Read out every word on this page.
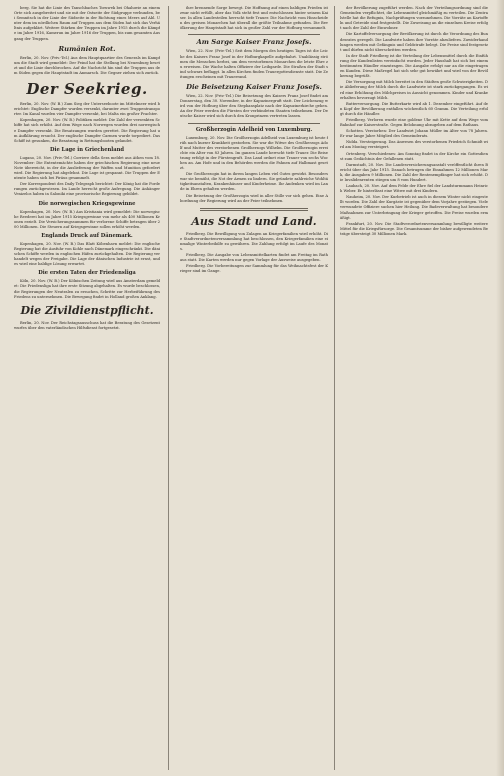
berg. Sie hat die Linie des Tanschbaches Toruwek bei Ohaluwie an einem Orte sich ausgebreitet und sie mit der Ostseite der Südgruppe verbunden, bei Semnitsch in der Linie der Südseite in der Richtung eines Meers auf Abl. Unter dem im nördlichen Raum auf Truppen aus dem Süden hat sich das Verhältnis aufgeklärt. Weitere Stärken der Truppen im Jahre 1915 durch die Kämpfe im Jahre 1916, Kamerun im Jahre 1916 der Truppen, bis zum gesamten Ausgang der Truppen.

Rumänien Rot.

Berlin, 20. Nov. (Priv.-Tel.) Aus dem Hauptquartier des Generals im Kampf um die Stadt wird gemeldet: Der Feind hat die Stellung bei Neuenburg besetzt und die Linie durchbrochen. Auf die Nachricht hin sind die Truppen aus dem Süden gegen die Hauptstadt im Anmarsch. Die Gegner ziehen sich zurück.

Der Seekrieg.

Berlin, 20. Nov. (W. B.) Zum Sieg der Unterseeboote im Mittelmeer wird berichtet: Englische Dampfer wurden versenkt, darunter zwei Truppentransporter. Im Kanal wurden vier Dampfer versenkt, bei Malta ein großer Frachter.

Kopenhagen, 20. Nov. (W. B.) Politiken meldet: Die Zahl der versenkten Schiffe hat sich erhöht. Auf dem Wege nach Norwegen wurden drei norwegische Dampfer versenkt. Die Besatzungen wurden gerettet. Die Regierung hat um Aufklärung ersucht. Der englische Dampfer Carmen wurde torpediert. Das Schiff ist gesunken, die Besatzung in Rettungsbooten gelandet.

Die Lage in Griechenland

Lugano, 20. Nov. (Priv.-Tel.) Corriere della Sera meldet aus Athen vom 18. November: Die Ententemächte haben der griechischen Regierung eine neue Note überreicht, in der die Auslieferung der Waffen und Munition gefordert wird. Die Regierung hat abgelehnt. Die Lage ist gespannt. Die Truppen der Entente haben sich bei Piräus gesammelt.

Der Korrespondent des Daily Telegraph berichtet: Der König hat die Forderungen zurückgewiesen. Im Lande herrscht große Aufregung. Die Anhänger Venizelos haben in Saloniki eine provisorische Regierung gebildet.

Die norwegischen Kriegsgewinne

Kopenhagen, 20. Nov. (W. B.) Aus Kristiania wird gemeldet: Die norwegische Reederei hat im Jahre 1915 Kriegsgewinne von mehr als 400 Millionen Kronen erzielt. Die Versicherungssummen für verlorene Schiffe betragen über 200 Millionen. Die Steuern auf Kriegsgewinne sollen erhöht werden.

Englands Druck auf Dänemark.

Kopenhagen, 20. Nov. (W. B.) Das Blatt Köbenhavn meldet: Die englische Regierung hat die Ausfuhr von Kohle nach Dänemark eingeschränkt. Die dänischen Schiffe werden in englischen Häfen zurückgehalten. Die Regierung verhandelt wegen der Freigabe. Die Lage der dänischen Industrie ist ernst, und es wird eine baldige Lösung erwartet.

Die ersten Taten der Friedensliga

Köln, 20. Nov. (W. B.) Der Kölnischen Zeitung wird aus Amsterdam gemeldet: Die Friedensliga hat ihre erste Sitzung abgehalten. Es wurde beschlossen, die Regierungen der Neutralen zu ersuchen, Schritte zur Herbeiführung des Friedens zu unternehmen. Die Bewegung findet in Holland großen Anklang.

Die Zivildienstpflicht.

Berlin, 20. Nov. Der Reichstagsausschuss hat die Beratung des Gesetzentwurfes über den vaterländischen Hilfsdienst fortgesetzt.

ihre brennende Sorge bewegt. Die Hoffnung auf einen baldigen Frieden ist zwar nicht erfüllt, aber das Volk steht fest und entschlossen hinter seinem Kaiser. In allen Landesteilen herrscht tiefe Trauer. Die Nachricht vom Hinscheiden des greisen Monarchen hat überall die größte Teilnahme gefunden. Die Bevölkerung der Hauptstadt hat sich in großer Zahl vor der Hofburg versammelt.

Am Sarge Kaiser Franz Josefs.

Wien, 22. Nov. (Priv.-Tel.) Seit dem Morgen des heutigen Tages ist die Leiche des Kaisers Franz Josef in der Hofburgkapelle aufgebahrt. Unablässig strömen die Menschen herbei, um dem verstorbenen Monarchen die letzte Ehre zu erweisen. Die Wache halten Offiziere der Leibgarde. Die Straßen der Stadt sind schwarz beflaggt. In allen Kirchen finden Trauergottesdienste statt. Die Zeitungen erscheinen mit Trauerrand.

Die Beisetzung Kaiser Franz Josefs.

Wien, 22. Nov. (Priv.-Tel.) Die Beisetzung des Kaisers Franz Josef findet am Donnerstag, den 30. November, in der Kapuzinergruft statt. Der Leichenzug wird von der Hofburg über den Stephansplatz nach der Kapuzinerkirche gehen. An der Feier werden die Fürsten der verbündeten Staaten teilnehmen. Der Deutsche Kaiser wird sich durch den Kronprinzen vertreten lassen.

Großherzogin Adelheid von Luxemburg.

Luxemburg, 20. Nov. Die Großherzogin Adelheid von Luxemburg ist heute früh nach kurzer Krankheit gestorben. Sie war die Witwe des Großherzogs Adolf und Mutter des verstorbenen Großherzogs Wilhelm. Die Großherzogin erreichte ein Alter von 83 Jahren. Im ganzen Lande herrscht tiefe Trauer. Die Beisetzung erfolgt in der Fürstengruft. Das Land ordnet eine Trauer von sechs Wochen an. Am Hofe und in den Behörden werden die Fahnen auf Halbmast gesetzt.

Die Großherzogin hat in ihrem langen Leben viel Gutes gewirkt. Besonders war sie bemüht, die Not der Armen zu lindern. Sie gründete zahlreiche Wohltätigkeitsanstalten, Krankenhäuser und Kinderheime. Ihr Andenken wird im Lande in Ehren gehalten werden.

Die Beisetzung der Großherzogin wird in aller Stille vor sich gehen. Eine Abordnung der Regierung wird an der Feier teilnehmen.

Aus Stadt und Land.

Friedberg. Die Bewilligung von Zulagen an Kriegerfamilien wird erhöht. Die Stadtverordnetenversammlung hat beschlossen, den Kriegerfamilien eine einmalige Winterbeihilfe zu gewähren. Die Zahlung erfolgt im Laufe des Monats.

Friedberg. Die Ausgabe von Lebensmittelkarten findet am Freitag im Rathaus statt. Die Karten werden nur gegen Vorlage der Ausweise ausgegeben.

Friedberg. Die Vorbereitungen zur Sammlung für das Weihnachtsfest der Krieger sind im Gange.

der Bevölkerung zugeführt werden. Nach der Verteilungsordnung sind die Gemeinden verpflichtet, die Lebensmittel gleichmäßig zu verteilen. Die Zentralstelle hat die Befugnis, Nachprüfungen vorzunehmen. Die Vorräte an Kartoffeln und Getreide sind festgestellt. Die Zuweisung an die einzelnen Kreise erfolgt nach der Zahl der Einwohner.

Die Kartoffelversorgung der Bevölkerung ist durch die Verordnung des Bundesrates geregelt. Die Landwirte haben ihre Vorräte abzuliefern. Zuwiderhandlungen werden mit Gefängnis und Geldstrafe belegt. Die Preise sind festgesetzt und dürfen nicht überschritten werden.

In der Stadt Friedberg ist die Verteilung der Lebensmittel durch die Einführung der Kundenlisten vereinfacht worden. Jeder Haushalt hat sich bei einem bestimmten Händler einzutragen. Die Ausgabe erfolgt nur an die eingetragenen Kunden. Diese Maßregel hat sich sehr gut bewährt und wird von der Bevölkerung begrüßt.

Die Versorgung mit Milch bereitet in den Städten große Schwierigkeiten. Die Ablieferung der Milch durch die Landwirte ist stark zurückgegangen. Es wird eine Erhöhung des Milchpreises in Aussicht genommen. Kinder und Kranke erhalten bevorzugt Milch.

Butterversorgung. Die Butterkarte wird ab 1. Dezember eingeführt. Auf den Kopf der Bevölkerung entfallen wöchentlich 60 Gramm. Die Verteilung erfolgt durch die Händler.

Friedberg. Verloren wurde eine goldene Uhr mit Kette auf dem Wege vom Bahnhof zur Kaiserstraße. Gegen Belohnung abzugeben auf dem Rathaus.

Schotten. Verstorben: Der Landwirt Johann Müller im Alter von 78 Jahren. Er war lange Jahre Mitglied des Gemeinderats.

Nidda. Versteigerung. Das Anwesen des verstorbenen Friedrich Schmidt wird am Montag versteigert.

Ortenberg. Verschiedenes: Am Sonntag findet in der Kirche ein Gottesdienst zum Gedächtnis der Gefallenen statt.

Darmstadt, 20. Nov. Die Landesversicherungsanstalt veröffentlicht ihren Bericht über das Jahr 1915. Danach betrugen die Einnahmen 12 Millionen Mark, die Ausgaben 9 Millionen. Die Zahl der Rentenempfänger hat sich erhöht. Die Invalidenrenten stiegen um 8 vom Hundert.

Laubach, 20. Nov. Auf dem Felde der Ehre fiel der Landsturmmann Heinrich Weber. Er hinterlässt eine Witwe mit drei Kindern.

Nauheim, 20. Nov. Der Kurbetrieb ist auch in diesem Winter nicht eingestellt worden. Die Zahl der Kurgäste ist gegenüber dem Vorjahre gestiegen. Viele verwundete Offiziere suchen hier Heilung. Die Badeverwaltung hat besondere Maßnahmen zur Unterbringung der Krieger getroffen. Die Preise wurden ermäßigt.

Frankfurt, 20. Nov. Die Stadtverordnetenversammlung bewilligte weitere Mittel für die Kriegsfürsorge. Die Gesamtsumme der bisher aufgewendeten Beträge übersteigt 30 Millionen Mark.
